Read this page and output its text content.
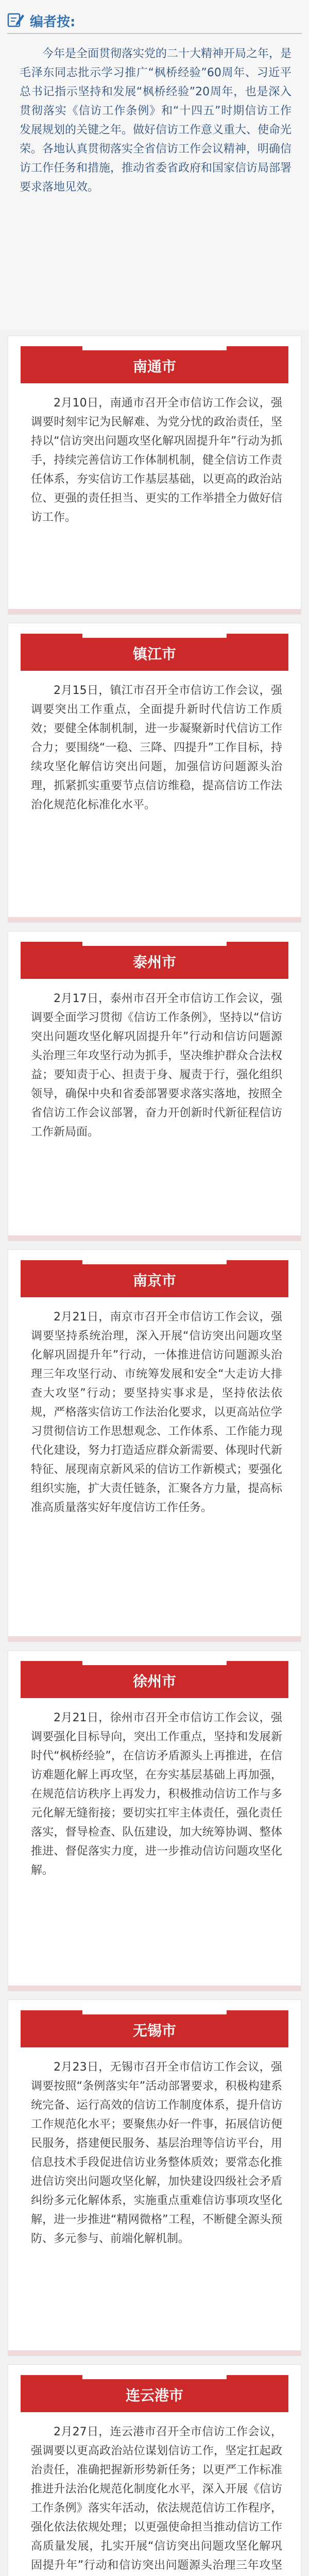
编者按:
今年是全面贯彻落实党的二十大精神开局之年，是毛泽东同志批示学习推广“枫桥经验”60周年、习近平总书记指示坚持和发展“枫桥经验”20周年，也是深入贯彻落实《信访工作条例》和“十四五”时期信访工作发展规划的关键之年。做好信访工作意义重大、使命光荣。各地认真贯彻落实全省信访工作会议精神，明确信访工作任务和措施，推动省委省政府和国家信访局部署要求落地见效。
南通市
2月10日，南通市召开全市信访工作会议，强调要时刻牢记为民解难、为党分忧的政治责任，坚持以“信访突出问题攻坚化解巩固提升年”行动为抓手，持续完善信访工作体制机制，健全信访工作责任体系，夯实信访工作基层基础，以更高的政治站位、更强的责任担当、更实的工作举措全力做好信访工作。
镇江市
2月15日，镇江市召开全市信访工作会议，强调要突出工作重点，全面提升新时代信访工作质效；要健全体制机制，进一步凝聚新时代信访工作合力；要围绕“一稳、三降、四提升”工作目标，持续攻坚化解信访突出问题，加强信访问题源头治理，抓紧抓实重要节点信访维稳，提高信访工作法治化规范化标准化水平。
泰州市
2月17日，泰州市召开全市信访工作会议，强调要全面学习贯彻《信访工作条例》，坚持以“信访突出问题攻坚化解巩固提升年”行动和信访问题源头治理三年攻坚行动为抓手，坚决维护群众合法权益；要知责于心、担责于身、履责于行，强化组织领导，确保中央和省委部署要求落实落地，按照全省信访工作会议部署，奋力开创新时代新征程信访工作新局面。
南京市
2月21日，南京市召开全市信访工作会议，强调要坚持系统治理，深入开展“信访突出问题攻坚化解巩固提升年”行动，一体推进信访问题源头治理三年攻坚行动、市统筹发展和安全“大走访大排查大攻坚”行动；要坚持实事求是，坚持依法依规，严格落实信访工作法治化要求，以更高站位学习贯彻信访工作思想观念、工作体系、工作能力现代化建设，努力打造适应群众新需要、体现时代新特征、展现南京新风采的信访工作新模式；要强化组织实施，扩大责任链条，汇聚各方力量，提高标准高质量落实好年度信访工作任务。
徐州市
2月21日，徐州市召开全市信访工作会议，强调要强化目标导向，突出工作重点，坚持和发展新时代“枫桥经验”，在信访矛盾源头上再推进，在信访难题化解上再攻坚，在夯实基层基础上再加强，在规范信访秩序上再发力，积极推动信访工作与多元化解无缝衔接；要切实扛牢主体责任，强化责任落实，督导检查、队伍建设，加大统筹协调、整体推进、督促落实力度，进一步推动信访问题攻坚化解。
无锡市
2月23日，无锡市召开全市信访工作会议，强调要按照“条例落实年”活动部署要求，积极构建系统完备、运行高效的信访工作制度体系，提升信访工作规范化水平；要聚焦办好一件事，拓展信访便民服务，搭建便民服务、基层治理等信访平台，用信息技术手段促进信访业务整体质效；要常态化推进信访突出问题攻坚化解，加快建设四级社会矛盾纠纷多元化解体系，实施重点重难信访事项攻坚化解，进一步推进“精网微格”工程，不断健全源头预防、多元参与、前端化解机制。
连云港市
2月27日，连云港市召开全市信访工作会议，强调要以更高政治站位谋划信访工作，坚定扛起政治责任，准确把握新形势新任务；以更严工作标准推进升法治化规范化制度化水平，深入开展《信访工作条例》落实年活动，依法规范信访工作程序，强化依法依规处理；以更强使命担当推动信访工作高质量发展，扎实开展“信访突出问题攻坚化解巩固提升年”行动和信访突出问题源头治理三年攻坚
